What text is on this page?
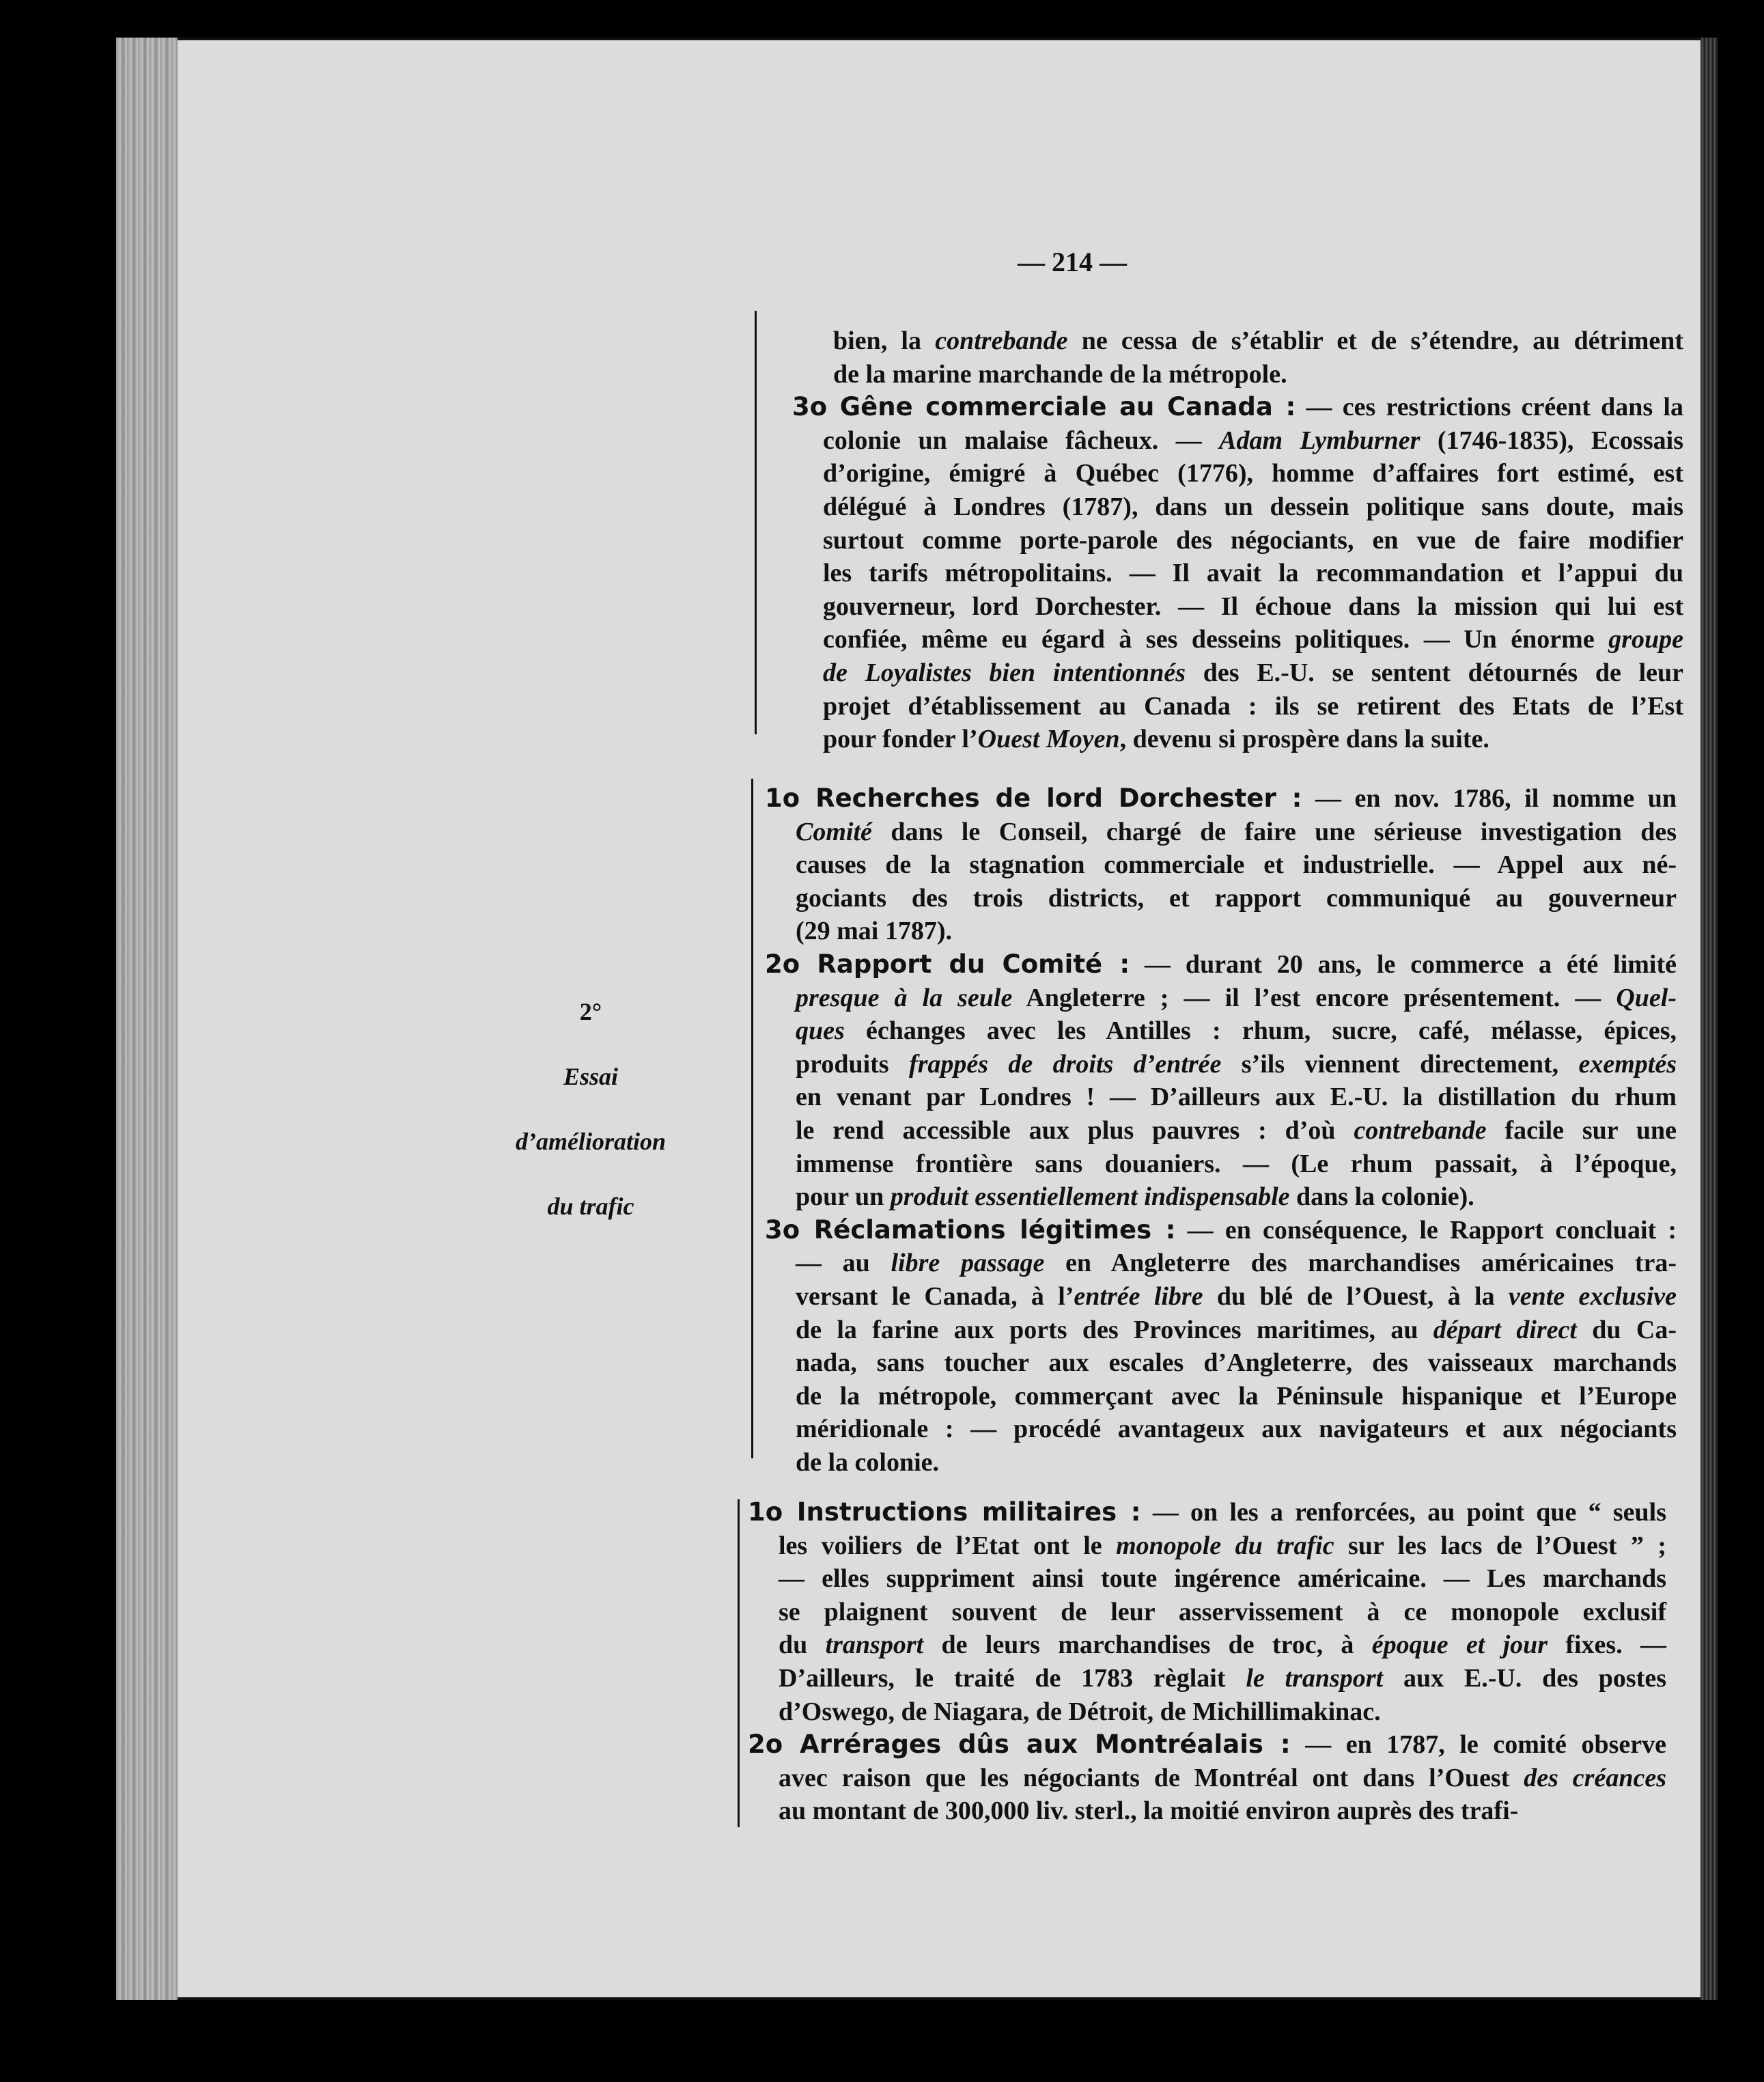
— 214 —
2°
Essai
d’amélioration
du trafic
bien, la contrebande ne cessa de s’établir et de s’étendre, au détriment
de la marine marchande de la métropole.
3o Gêne commerciale au Canada : — ces restrictions créent dans la
colonie un malaise fâcheux. — Adam Lymburner (1746-1835), Ecossais
d’origine, émigré à Québec (1776), homme d’affaires fort estimé, est
délégué à Londres (1787), dans un dessein politique sans doute, mais
surtout comme porte-parole des négociants, en vue de faire modifier
les tarifs métropolitains. — Il avait la recommandation et l’appui du
gouverneur, lord Dorchester. — Il échoue dans la mission qui lui est
confiée, même eu égard à ses desseins politiques. — Un énorme groupe
de Loyalistes bien intentionnés des E.-U. se sentent détournés de leur
projet d’établissement au Canada : ils se retirent des Etats de l’Est
pour fonder l’Ouest Moyen, devenu si prospère dans la suite.
1o Recherches de lord Dorchester : — en nov. 1786, il nomme un
Comité dans le Conseil, chargé de faire une sérieuse investigation des
causes de la stagnation commerciale et industrielle. — Appel aux né-
gociants des trois districts, et rapport communiqué au gouverneur
(29 mai 1787).
2o Rapport du Comité : — durant 20 ans, le commerce a été limité
presque à la seule Angleterre ; — il l’est encore présentement. — Quel-
ques échanges avec les Antilles : rhum, sucre, café, mélasse, épices,
produits frappés de droits d’entrée s’ils viennent directement, exemptés
en venant par Londres ! — D’ailleurs aux E.-U. la distillation du rhum
le rend accessible aux plus pauvres : d’où contrebande facile sur une
immense frontière sans douaniers. — (Le rhum passait, à l’époque,
pour un produit essentiellement indispensable dans la colonie).
3o Réclamations légitimes : — en conséquence, le Rapport concluait :
— au libre passage en Angleterre des marchandises américaines tra-
versant le Canada, à l’entrée libre du blé de l’Ouest, à la vente exclusive
de la farine aux ports des Provinces maritimes, au départ direct du Ca-
nada, sans toucher aux escales d’Angleterre, des vaisseaux marchands
de la métropole, commerçant avec la Péninsule hispanique et l’Europe
méridionale : — procédé avantageux aux navigateurs et aux négociants
de la colonie.
1o Instructions militaires : — on les a renforcées, au point que “ seuls
les voiliers de l’Etat ont le monopole du trafic sur les lacs de l’Ouest ” ;
— elles suppriment ainsi toute ingérence américaine. — Les marchands
se plaignent souvent de leur asservissement à ce monopole exclusif
du transport de leurs marchandises de troc, à époque et jour fixes. —
D’ailleurs, le traité de 1783 règlait le transport aux E.-U. des postes
d’Oswego, de Niagara, de Détroit, de Michillimakinac.
2o Arrérages dûs aux Montréalais : — en 1787, le comité observe
avec raison que les négociants de Montréal ont dans l’Ouest des créances
au montant de 300,000 liv. sterl., la moitié environ auprès des trafi-
